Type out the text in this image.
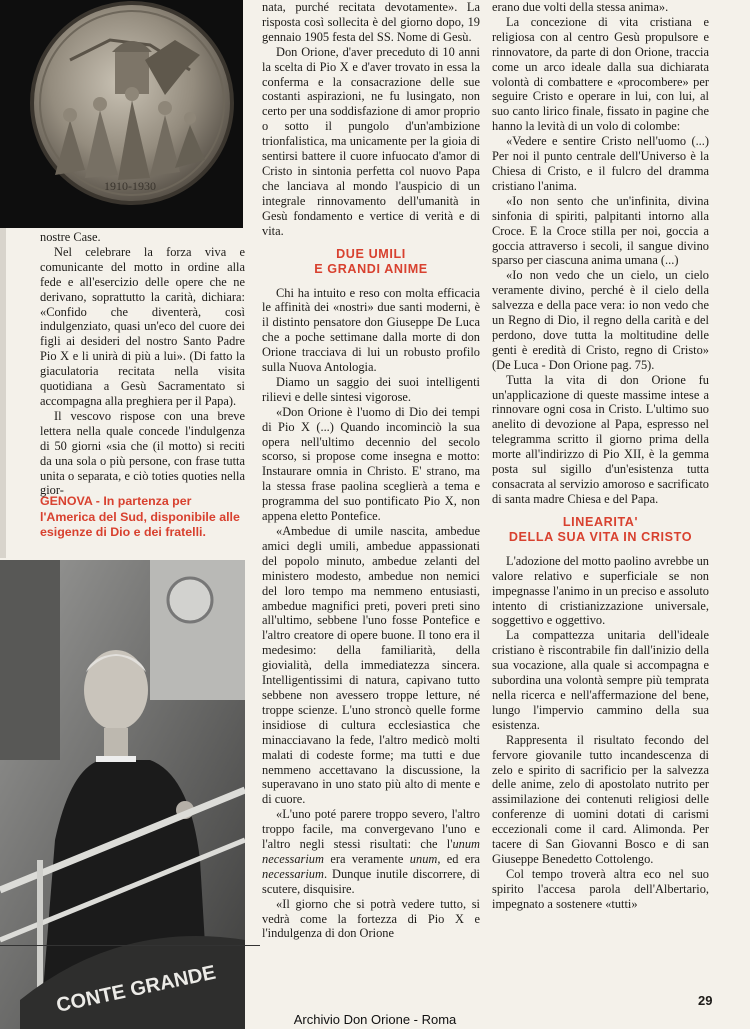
1910-1930

nostre Case.

Nel celebrare la forza viva e comunicante del motto in ordine alla fede e all'esercizio delle opere che ne derivano, soprattutto la carità, dichiara: «Confido che diventerà, così indulgenziato, quasi un'eco del cuore dei figli ai desideri del nostro Santo Padre Pio X e li unirà di più a lui». (Di fatto la giaculatoria recitata nella visita quotidiana a Gesù Sacramentato si accompagna alla preghiera per il Papa).

Il vescovo rispose con una breve lettera nella quale concede l'indulgenza di 50 giorni «sia che (il motto) si reciti da una sola o più persone, con frase tutta unita o separata, e ciò toties quoties nella gior-

GENOVA - In partenza per l'America del Sud, disponibile alle esigenze di Dio e dei fratelli.
CONTE GRANDE

nata, purché recitata devotamente». La risposta così sollecita è del giorno dopo, 19 gennaio 1905 festa del SS. Nome di Gesù.

Don Orione, d'aver preceduto di 10 anni la scelta di Pio X e d'aver trovato in essa la conferma e la consacrazione delle sue costanti aspirazioni, ne fu lusingato, non certo per una soddisfazione di amor proprio o sotto il pungolo d'un'ambizione trionfalistica, ma unicamente per la gioia di sentirsi battere il cuore infuocato d'amor di Cristo in sintonia perfetta col nuovo Papa che lanciava al mondo l'auspicio di un integrale rinnovamento dell'umanità in Gesù fondamento e vertice di verità e di vita.

DUE UMILI
E GRANDI ANIME

Chi ha intuito e reso con molta efficacia le affinità dei «nostri» due santi moderni, è il distinto pensatore don Giuseppe De Luca che a poche settimane dalla morte di don Orione tracciava di lui un robusto profilo sulla Nuova Antologia.

Diamo un saggio dei suoi intelligenti rilievi e delle sintesi vigorose.

«Don Orione è l'uomo di Dio dei tempi di Pio X (...) Quando incominciò la sua opera nell'ultimo decennio del secolo scorso, si propose come insegna e motto: Instaurare omnia in Christo. E' strano, ma la stessa frase paolina sceglierà a tema e programma del suo pontificato Pio X, non appena eletto Pontefice.

«Ambedue di umile nascita, ambedue amici degli umili, ambedue appassionati del popolo minuto, ambedue zelanti del ministero modesto, ambedue non nemici del loro tempo ma nemmeno entusiasti, ambedue magnifici preti, poveri preti sino all'ultimo, sebbene l'uno fosse Pontefice e l'altro creatore di opere buone. Il tono era il medesimo: della familiarità, della giovialità, della immediatezza sincera. Intelligentissimi di natura, capivano tutto sebbene non avessero troppe letture, né troppe scienze. L'uno stroncò quelle forme insidiose di cultura ecclesiastica che minacciavano la fede, l'altro medicò molti malati di codeste forme; ma tutti e due nemmeno accettavano la discussione, la superavano in uno stato più alto di mente e di cuore.

«L'uno poté parere troppo severo, l'altro troppo facile, ma convergevano l'uno e l'altro negli stessi risultati: che l'unum necessarium era veramente unum, ed era necessarium. Dunque inutile discorrere, di scutere, disquisire.

«Il giorno che si potrà vedere tutto, si vedrà come la fortezza di Pio X e l'indulgenza di don Orione

erano due volti della stessa anima».

La concezione di vita cristiana e religiosa con al centro Gesù propulsore e rinnovatore, da parte di don Orione, traccia come un arco ideale dalla sua dichiarata volontà di combattere e «procombere» per seguire Cristo e operare in lui, con lui, al suo canto lirico finale, fissato in pagine che hanno la levità di un volo di colombe:

«Vedere e sentire Cristo nell'uomo (...) Per noi il punto centrale dell'Universo è la Chiesa di Cristo, e il fulcro del dramma cristiano l'anima.

«Io non sento che un'infinita, divina sinfonia di spiriti, palpitanti intorno alla Croce. E la Croce stilla per noi, goccia a goccia attraverso i secoli, il sangue divino sparso per ciascuna anima umana (...)

«Io non vedo che un cielo, un cielo veramente divino, perché è il cielo della salvezza e della pace vera: io non vedo che un Regno di Dio, il regno della carità e del perdono, dove tutta la moltitudine delle genti è eredità di Cristo, regno di Cristo» (De Luca - Don Orione pag. 75).

Tutta la vita di don Orione fu un'applicazione di queste massime intese a rinnovare ogni cosa in Cristo. L'ultimo suo anelito di devozione al Papa, espresso nel telegramma scritto il giorno prima della morte all'indirizzo di Pio XII, è la gemma posta sul sigillo d'un'esistenza tutta consacrata al servizio amoroso e sacrificato di santa madre Chiesa e del Papa.

LINEARITA'
DELLA SUA VITA IN CRISTO

L'adozione del motto paolino avrebbe un valore relativo e superficiale se non impegnasse l'animo in un preciso e assoluto intento di cristianizzazione universale, soggettivo e oggettivo.

La compattezza unitaria dell'ideale cristiano è riscontrabile fin dall'inizio della sua vocazione, alla quale si accompagna e subordina una volontà sempre più temprata nella ricerca e nell'affermazione del bene, lungo l'impervio cammino della sua esistenza.

Rappresenta il risultato fecondo del fervore giovanile tutto incandescenza di zelo e spirito di sacrificio per la salvezza delle anime, zelo di apostolato nutrito per assimilazione dei contenuti religiosi delle conferenze di uomini dotati di carismi eccezionali come il card. Alimonda. Per tacere di San Giovanni Bosco e di san Giuseppe Benedetto Cottolengo.

Col tempo troverà altra eco nel suo spirito l'accesa parola dell'Albertario, impegnato a sostenere «tutti»

29
Archivio Don Orione - Roma
